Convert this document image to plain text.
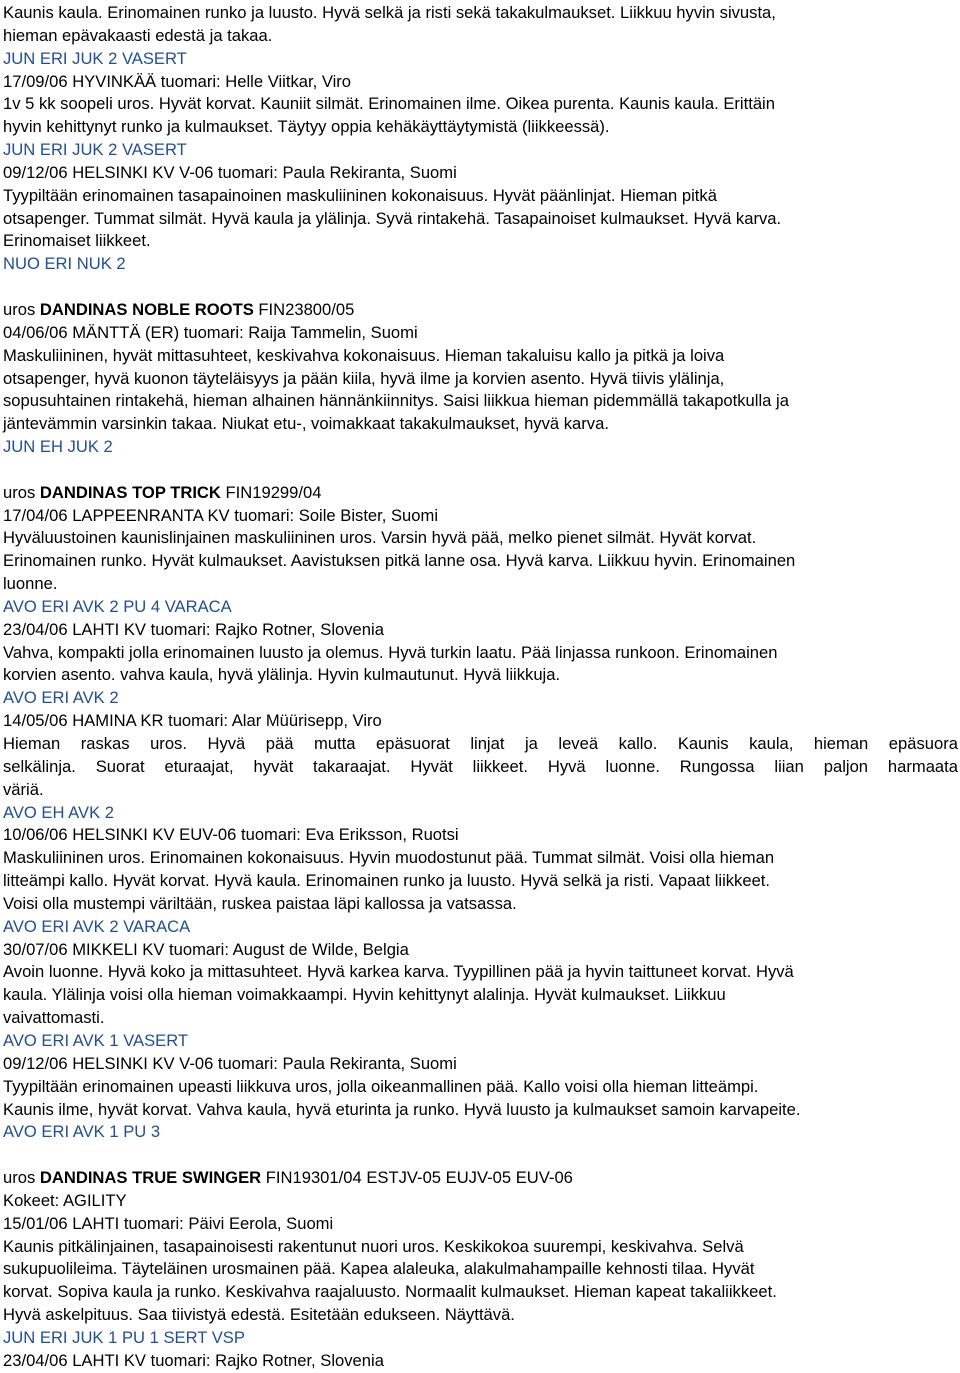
Kaunis kaula. Erinomainen runko ja luusto. Hyvä selkä ja risti sekä takakulmaukset. Liikkuu hyvin sivusta,
hieman epävakaasti edestä ja takaa.
JUN ERI JUK 2 VASERT
17/09/06 HYVINKÄÄ tuomari: Helle Viitkar, Viro
1v 5 kk soopeli uros. Hyvät korvat. Kauniit silmät. Erinomainen ilme. Oikea purenta. Kaunis kaula. Erittäin
hyvin kehittynyt runko ja kulmaukset. Täytyy oppia kehäkäyttäytymistä (liikkeessä).
JUN ERI JUK 2 VASERT
09/12/06 HELSINKI KV V-06 tuomari: Paula Rekiranta, Suomi
Tyypiltään erinomainen tasapainoinen maskuliininen kokonaisuus. Hyvät päänlinjat. Hieman pitkä
otsapenger. Tummat silmät. Hyvä kaula ja ylälinja. Syvä rintakehä. Tasapainoiset kulmaukset. Hyvä karva.
Erinomaiset liikkeet.
NUO ERI NUK 2
uros DANDINAS NOBLE ROOTS FIN23800/05
04/06/06 MÄNTTÄ (ER) tuomari: Raija Tammelin, Suomi
Maskuliininen, hyvät mittasuhteet, keskivahva kokonaisuus. Hieman takaluisu kallo ja pitkä ja loiva
otsapenger, hyvä kuonon täyteläisyys ja pään kiila, hyvä ilme ja korvien asento. Hyvä tiivis ylälinja,
sopusuhtainen rintakehä, hieman alhainen hännänkiinnitys. Saisi liikkua hieman pidemmällä takapotkulla ja
jäntevämmin varsinkin takaa. Niukat etu-, voimakkaat takakulmaukset, hyvä karva.
JUN EH JUK 2
uros DANDINAS TOP TRICK FIN19299/04
17/04/06 LAPPEENRANTA KV tuomari: Soile Bister, Suomi
Hyväluustoinen kaunislinjainen maskuliininen uros. Varsin hyvä pää, melko pienet silmät. Hyvät korvat.
Erinomainen runko. Hyvät kulmaukset. Aavistuksen pitkä lanne osa. Hyvä karva. Liikkuu hyvin. Erinomainen
luonne.
AVO ERI AVK 2 PU 4 VARACA
23/04/06 LAHTI KV tuomari: Rajko Rotner, Slovenia
Vahva, kompakti jolla erinomainen luusto ja olemus. Hyvä turkin laatu. Pää linjassa runkoon. Erinomainen
korvien asento. vahva kaula, hyvä ylälinja. Hyvin kulmautunut. Hyvä liikkuja.
AVO ERI AVK 2
14/05/06 HAMINA KR tuomari: Alar Müürisepp, Viro
Hieman raskas uros. Hyvä pää mutta epäsuorat linjat ja leveä kallo. Kaunis kaula, hieman epäsuora
selkälinja. Suorat eturaajat, hyvät takaraajat. Hyvät liikkeet. Hyvä luonne. Rungossa liian paljon harmaata
väriä.
AVO EH AVK 2
10/06/06 HELSINKI KV EUV-06 tuomari: Eva Eriksson, Ruotsi
Maskuliininen uros. Erinomainen kokonaisuus. Hyvin muodostunut pää. Tummat silmät. Voisi olla hieman
litteämpi kallo. Hyvät korvat. Hyvä kaula. Erinomainen runko ja luusto. Hyvä selkä ja risti. Vapaat liikkeet.
Voisi olla mustempi väriltään, ruskea paistaa läpi kallossa ja vatsassa.
AVO ERI AVK 2 VARACA
30/07/06 MIKKELI KV tuomari: August de Wilde, Belgia
Avoin luonne. Hyvä koko ja mittasuhteet. Hyvä karkea karva. Tyypillinen pää ja hyvin taittuneet korvat. Hyvä
kaula. Ylälinja voisi olla hieman voimakkaampi. Hyvin kehittynyt alalinja. Hyvät kulmaukset. Liikkuu
vaivattomasti.
AVO ERI AVK 1 VASERT
09/12/06 HELSINKI KV V-06 tuomari: Paula Rekiranta, Suomi
Tyypiltään erinomainen upeasti liikkuva uros, jolla oikeanmallinen pää. Kallo voisi olla hieman litteämpi.
Kaunis ilme, hyvät korvat. Vahva kaula, hyvä eturinta ja runko. Hyvä luusto ja kulmaukset samoin karvapeite.
AVO ERI AVK 1 PU 3
uros DANDINAS TRUE SWINGER FIN19301/04 ESTJV-05 EUJV-05 EUV-06
Kokeet: AGILITY
15/01/06 LAHTI tuomari: Päivi Eerola, Suomi
Kaunis pitkälinjainen, tasapainoisesti rakentunut nuori uros. Keskikokoa suurempi, keskivahva. Selvä
sukupuolileima. Täyteläinen urosmainen pää. Kapea alaleuka, alakulmahampaille kehnosti tilaa. Hyvät
korvat. Sopiva kaula ja runko. Keskivahva raajaluusto. Normaalit kulmaukset. Hieman kapeat takaliikkeet.
Hyvä askelpituus. Saa tiivistyä edestä. Esitetään edukseen. Näyttävä.
JUN ERI JUK 1 PU 1 SERT VSP
23/04/06 LAHTI KV tuomari: Rajko Rotner, Slovenia
